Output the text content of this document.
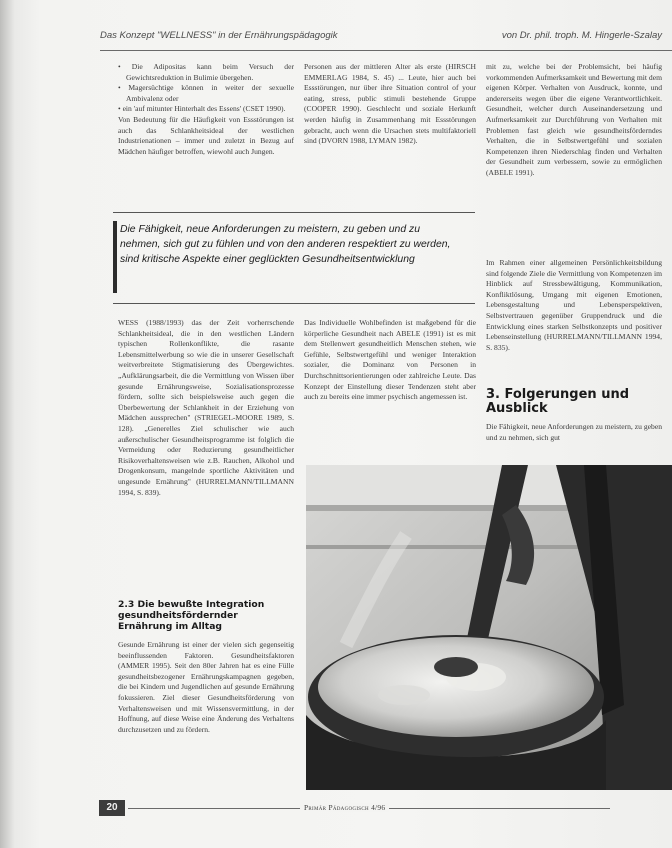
Das Konzept "WELLNESS" in der Ernährungspädagogik	von Dr. phil. troph. M. Hingerle-Szalay

• Die Adipositas kann beim Versuch der Gewichtsreduktion in Bulimie übergehen.

• Magersüchtige können in weiter der sexuelle Ambivalenz oder

• ein 'auf mitunter Hinterhalt des Essens' (CSET 1990).

Von Bedeutung für die Häufigkeit von Essstörungen ist auch das Schlankheitsideal der westlichen Industrienationen – immer und zuletzt in Bezug auf Mädchen häufiger betroffen, wiewohl auch Jungen.

Personen aus der mittleren Alter als erste (HIRSCH EMMERLAG 1984, S. 45) ... Leute, hier auch bei Essstörungen, nur über ihre Situation control of your eating, stress, public stimuli bestehende Gruppe (COOPER 1990). Geschlecht und soziale Herkunft werden häufig in Zusammenhang mit Essstörungen gebracht, auch wenn die Ursachen stets multifaktoriell sind (DVORN 1988, LYMAN 1982).

mit zu, welche bei der Problemsicht, bei häufig vorkommenden Aufmerksamkeit und Bewertung mit dem eigenen Körper. Verhalten von Ausdruck, konnte, und andererseits wegen über die eigene Verantwortlichkeit. Gesundheit, welcher durch Auseinandersetzung und Aufmerksamkeit zur Durchführung von Verhalten mit Problemen fast gleich wie gesundheitsförderndes Verhalten, die in Selbstwertgefühl und sozialen Kompetenzen ihren Niederschlag finden und Verhalten der Gesundheit zum verbessern, sowie zu ermöglichen (ABELE 1991).

Die Fähigkeit, neue Anforderungen zu meistern, zu geben und zu nehmen, sich gut zu fühlen und von den anderen respektiert zu werden, sind kritische Aspekte einer geglückten Gesundheitsentwicklung

WESS (1988/1993) das der Zeit vorherrschende Schlankheitsideal, die in den westlichen Ländern typischen Rollenkonflikte, die rasante Lebensmittelwerbung so wie die in unserer Gesellschaft weitverbreitete Stigmatisierung des Übergewichtes. „Aufklärungsarbeit, die die Vermittlung von Wissen über gesunde Ernährungsweise, Sozialisationsprozesse fördern, sollte sich beispielsweise auch gegen die Überbewertung der Schlankheit in der Erziehung von Mädchen aussprechen" (STRIEGEL-MOORE 1989, S. 128). „Generelles Ziel schulischer wie auch außerschulischer Gesundheitsprogramme ist folglich die Vermeidung oder Reduzierung gesundheitlicher Risikoverhaltensweisen wie z.B. Rauchen, Alkohol und Drogenkonsum, mangelnde sportliche Aktivitäten und ungesunde Ernährung" (HURRELMANN/TILLMANN 1994, S. 839).

Das Individuelle Wohlbefinden ist maßgebend für die körperliche Gesundheit nach ABELE (1991) ist es mit dem Stellenwert gesundheitlich Menschen stehen, wie Gefühle, Selbstwertgefühl und weniger Interaktion sozialer, die Dominanz von Personen in Durchschnittsorientierungen oder zahlreiche Leute. Das Konzept der Einstellung dieser Tendenzen steht aber auch zu bereits eine immer psychisch angemessen ist.

Im Rahmen einer allgemeinen Persönlichkeitsbildung sind folgende Ziele die Vermittlung von Kompetenzen im Hinblick auf Stressbewältigung, Kommunikation, Konfliktlösung, Umgang mit eigenen Emotionen, Lebensgestaltung und Lebensperspektiven, Selbstvertrauen gegenüber Gruppendruck und die Entwicklung eines starken Selbstkonzepts und positiver Lebenseinstellung (HURRELMANN/TILLMANN 1994, S. 835).

2.3 Die bewußte Integration gesundheitsfördernder Ernährung im Alltag

Gesunde Ernährung ist einer der vielen sich gegenseitig beeinflussenden Faktoren. Gesundheitsfaktoren (AMMER 1995). Seit den 80er Jahren hat es eine Fülle gesundheitsbezogener Ernährungskampagnen gegeben, die bei Kindern und Jugendlichen auf gesunde Ernährung fokussieren. Ziel dieser Gesundheitsförderung von Verhaltensweisen und mit Wissensvermittlung, in der Hoffnung, auf diese Weise eine Änderung des Verhaltens durchzusetzen und zu fördern.

3. Folgerungen und Ausblick

Die Fähigkeit, neue Anforderungen zu meistern, zu geben und zu nehmen, sich gut

20	Primär Pädagogisch 4/96
